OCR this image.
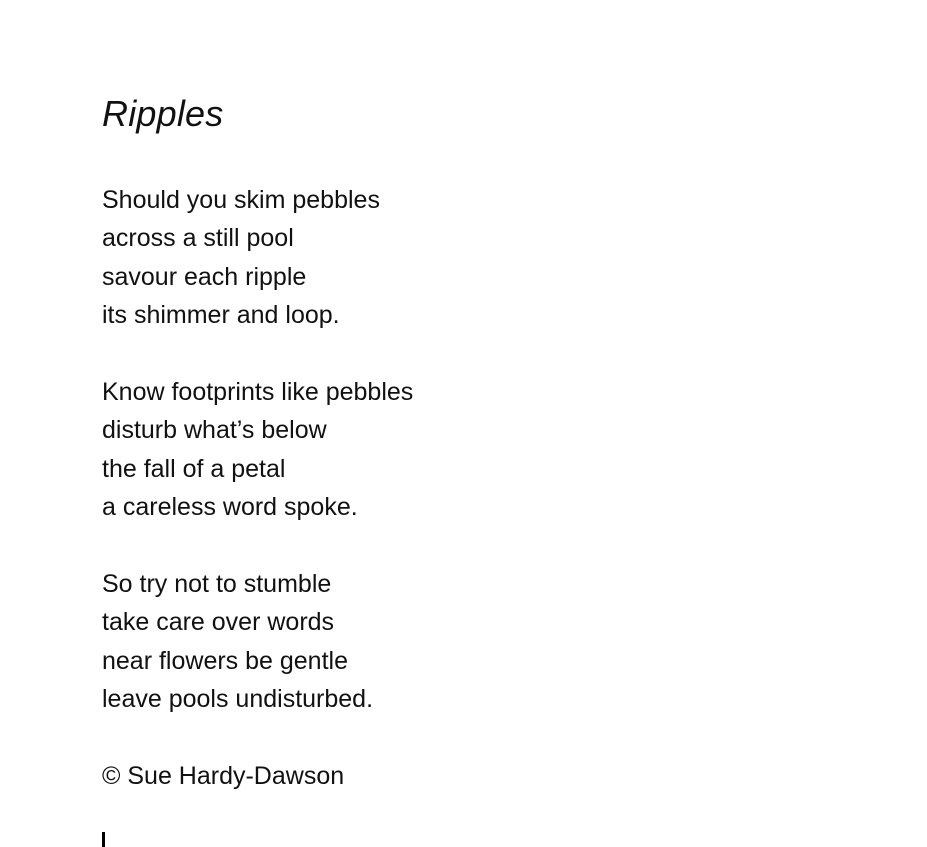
Ripples

Should you skim pebbles
across a still pool
savour each ripple
its shimmer and loop.

Know footprints like pebbles
disturb what’s below
the fall of a petal
a careless word spoke.

So try not to stumble
take care over words
near flowers be gentle
leave pools undisturbed.

© Sue Hardy-Dawson
